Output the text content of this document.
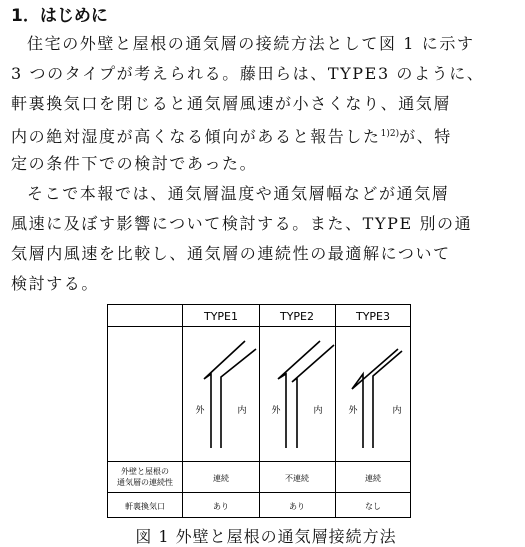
1．はじめに
住宅の外壁と屋根の通気層の接続方法として図 1 に示す
3 つのタイプが考えられる。藤田らは、TYPE3 のように、
軒裏換気口を閉じると通気層風速が小さくなり、通気層
内の絶対湿度が高くなる傾向があると報告した$^{1)2)}$が、特
定の条件下での検討であった。
そこで本報では、通気層温度や通気層幅などが通気層
風速に及ぼす影響について検討する。また、TYPE 別の通
気層内風速を比較し、通気層の連続性の最適解について
検討する。
TYPE1	TYPE2	TYPE3
外	内	外	内	外	内
外壁と屋根の
通気層の連続性	連続	不連続	連続
軒裏換気口	あり	あり	なし
図 1 外壁と屋根の通気層接続方法
